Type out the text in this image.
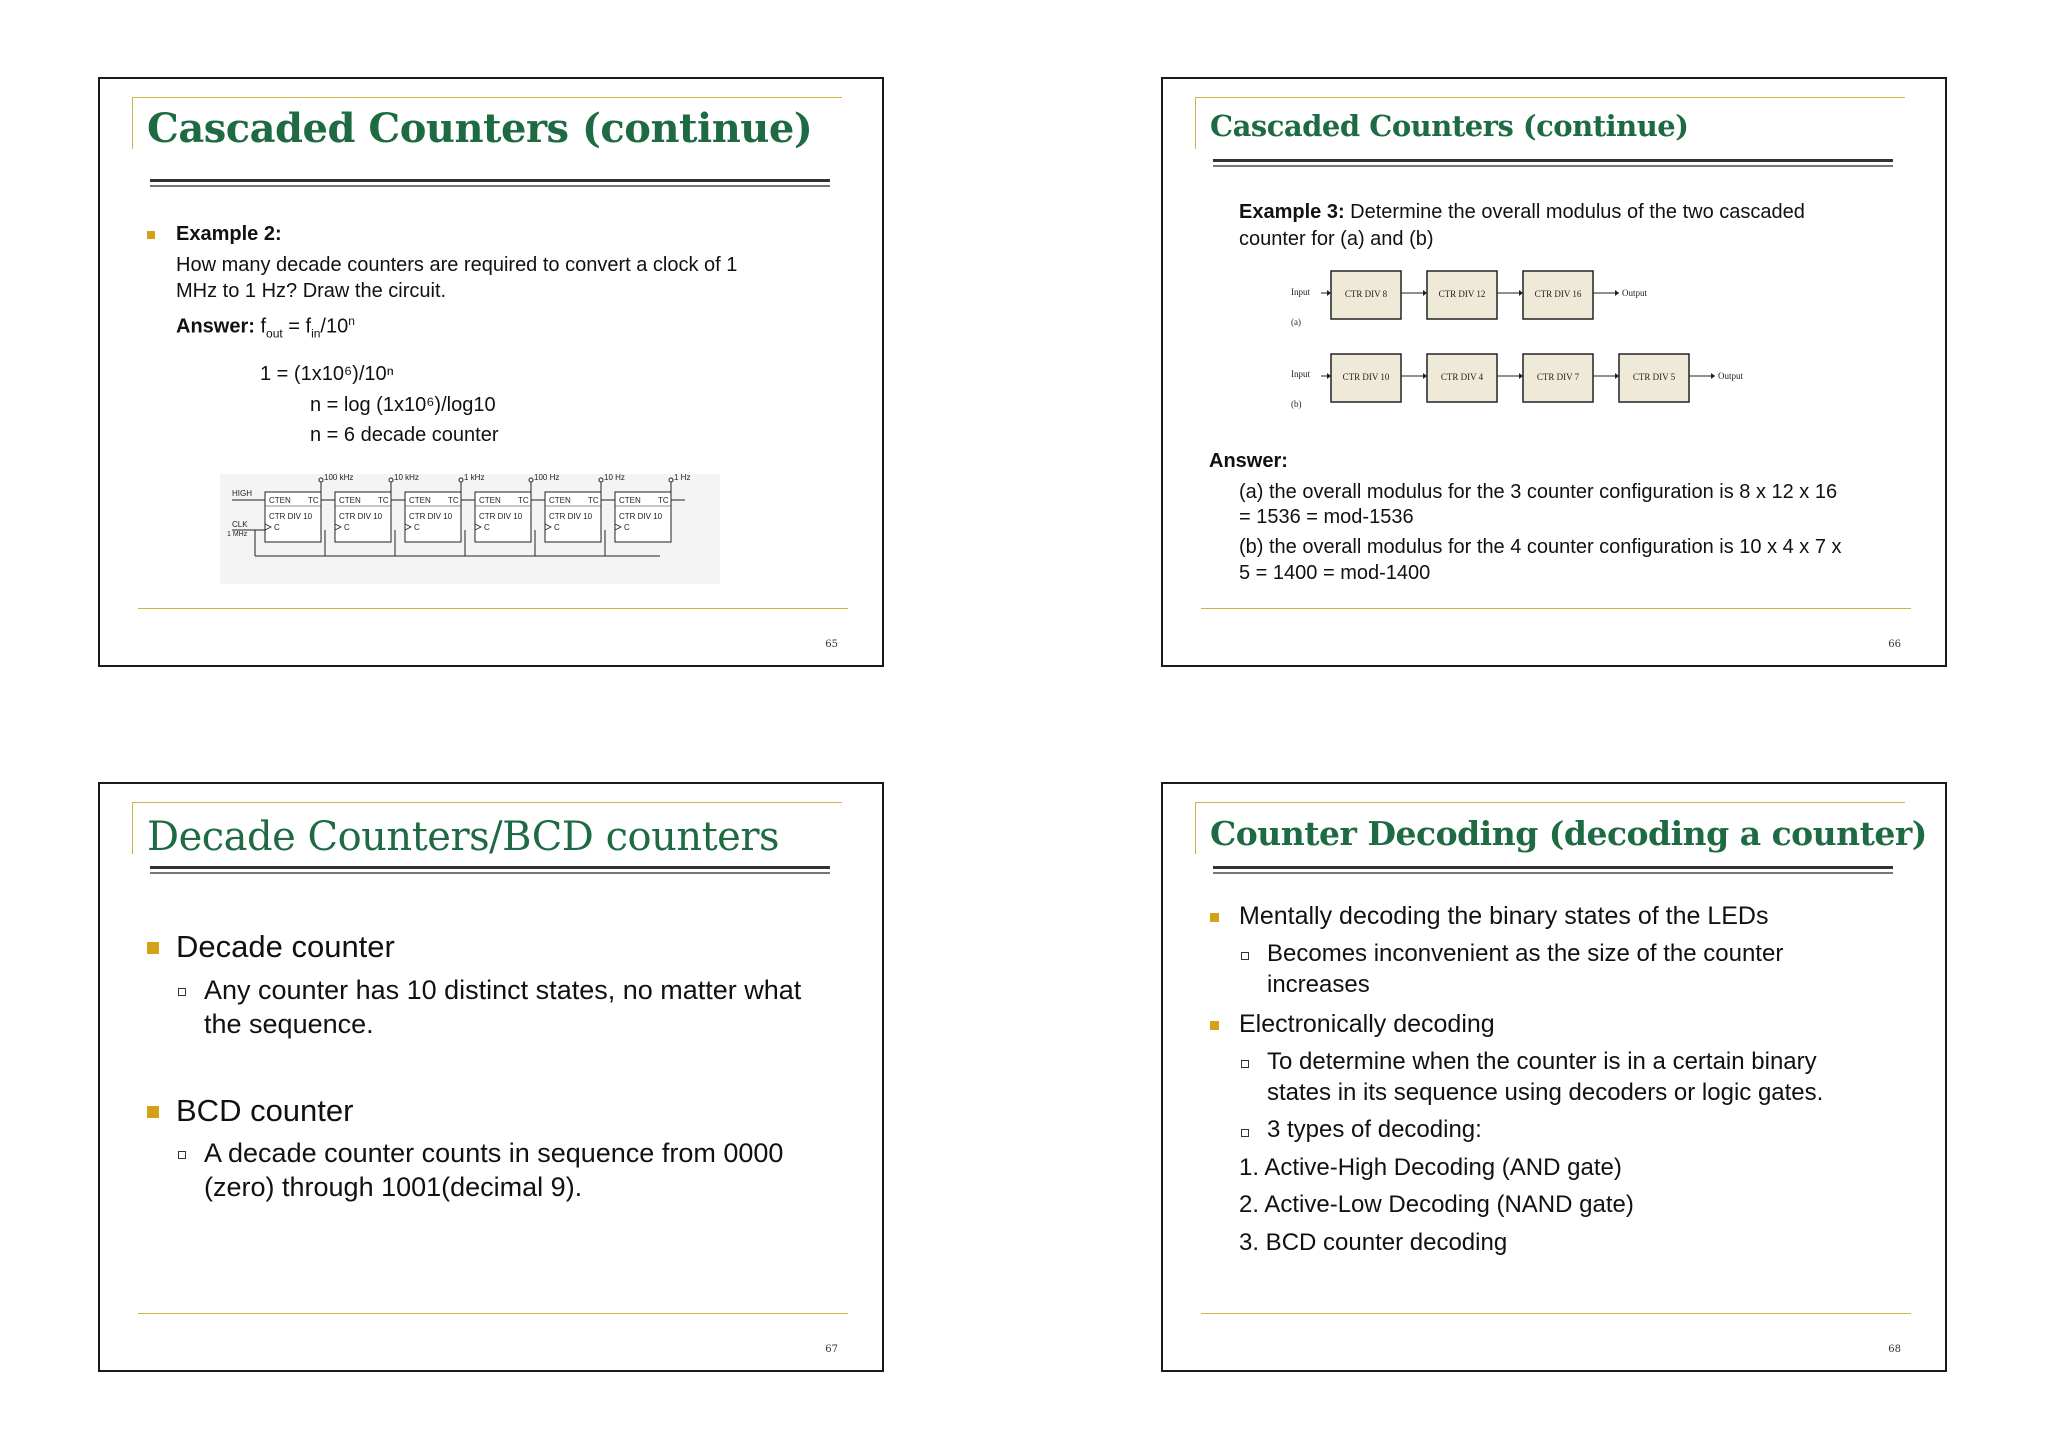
Cascaded Counters (continue)
Example 2:
How many decade counters are required to convert a clock of 1
MHz to 1 Hz? Draw the circuit.
Answer: $f_{out} = f_{in}/10^n$
1 = (1x10⁶)/10ⁿ
n = log (1x10⁶)/log10
n = 6 decade counter
HIGH
CLK
1 MHz
CTEN TC
CTR DIV 10
C
100 kHz
CTEN TC
CTR DIV 10
C
10 kHz
CTEN TC
CTR DIV 10
C
1 kHz
CTEN TC
CTR DIV 10
C
100 Hz
CTEN TC
CTR DIV 10
C
10 Hz
CTEN TC
CTR DIV 10
C
1 Hz
65
Cascaded Counters (continue)
Example 3: Determine the overall modulus of the two cascaded
counter for (a) and (b)
Input
(a)
Input
(b)
CTR DIV 8	CTR DIV 12	CTR DIV 16
CTR DIV 10	CTR DIV 4	CTR DIV 7	CTR DIV 5
Output
Output
Answer:
(a) the overall modulus for the 3 counter configuration is 8 x 12 x 16
= 1536 = mod-1536
(b) the overall modulus for the 4 counter configuration is 10 x 4 x 7 x
5 = 1400 = mod-1400
66
Decade Counters/BCD counters
Decade counter
Any counter has 10 distinct states, no matter what
the sequence.
BCD counter
A decade counter counts in sequence from 0000
(zero) through 1001(decimal 9).
67
Counter Decoding (decoding a counter)
Mentally decoding the binary states of the LEDs
Becomes inconvenient as the size of the counter
increases
Electronically decoding
To determine when the counter is in a certain binary
states in its sequence using decoders or logic gates.
3 types of decoding:
1. Active-High Decoding (AND gate)
2. Active-Low Decoding (NAND gate)
3. BCD counter decoding
68
